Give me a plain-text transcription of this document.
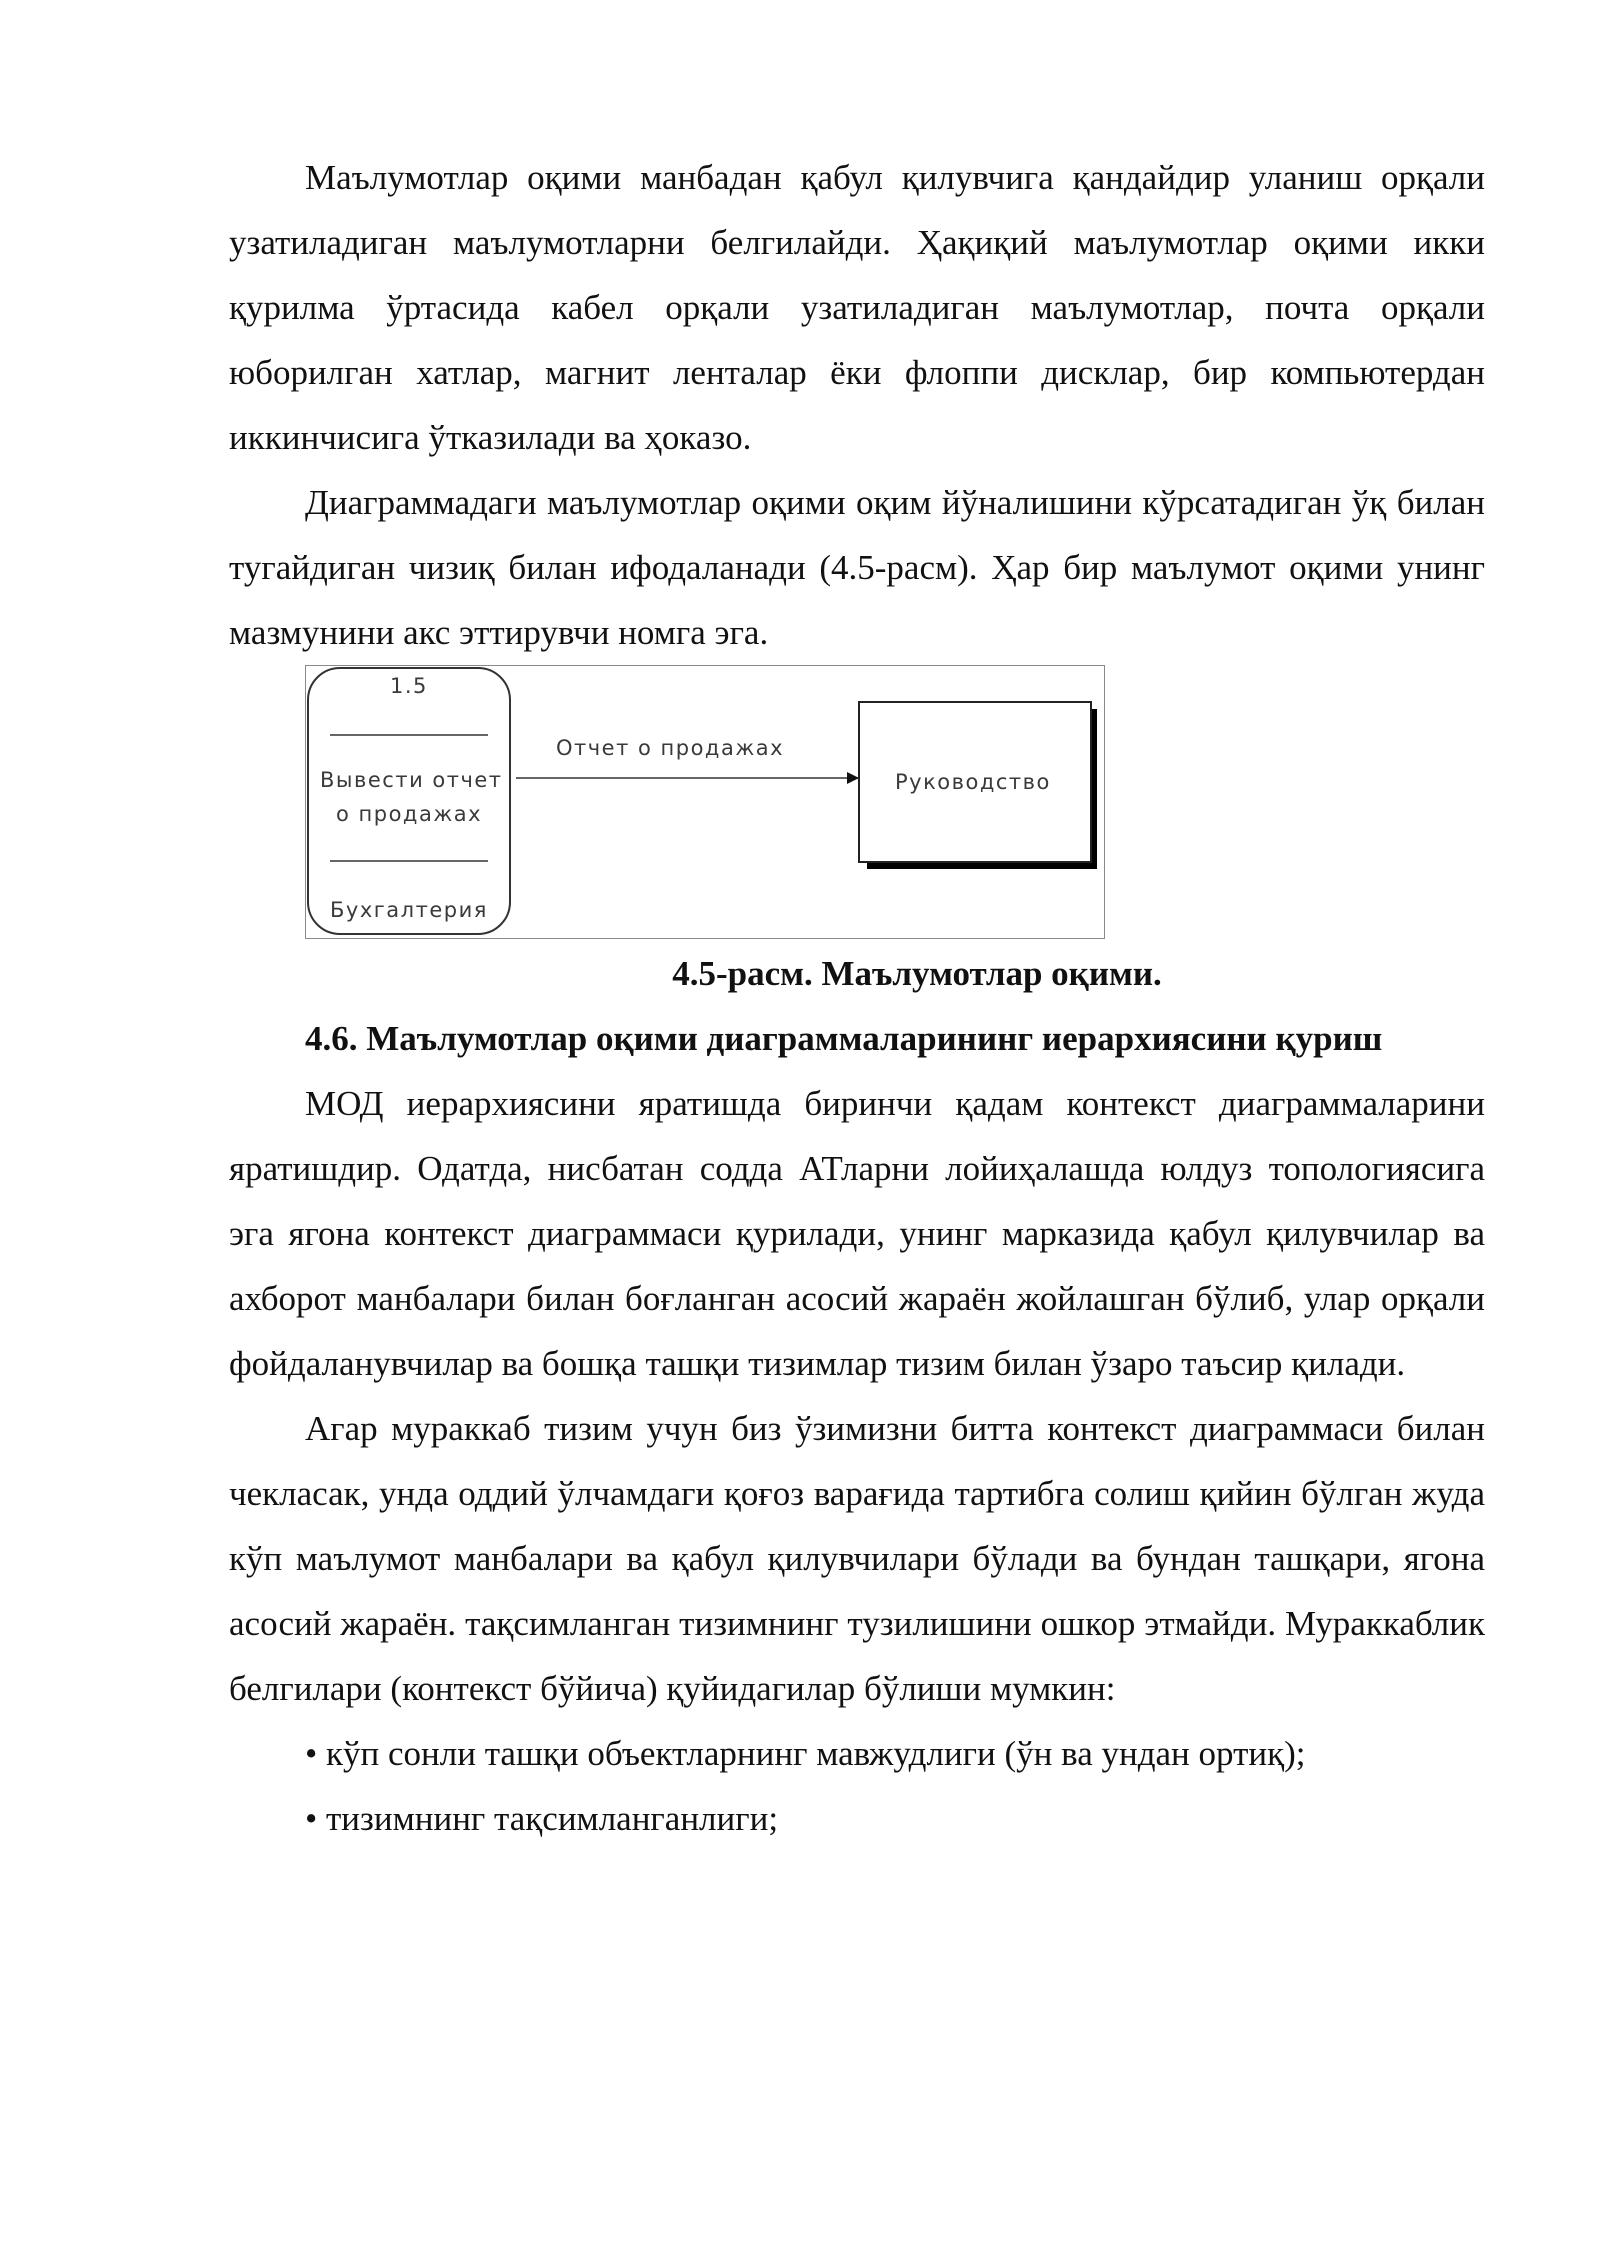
Маълумотлар оқими манбадан қабул қилувчига қандайдир уланиш орқали узатиладиган маълумотларни белгилайди. Ҳақиқий маълумотлар оқими икки қурилма ўртасида кабел орқали узатиладиган маълумотлар, почта орқали юборилган хатлар, магнит ленталар ёки флоппи дисклар, бир компьютердан иккинчисига ўтказилади ва ҳоказо.

Диаграммадаги маълумотлар оқими оқим йўналишини кўрсатадиган ўқ билан тугайдиган чизиқ билан ифодаланади (4.5-расм). Ҳар бир маълумот оқими унинг мазмунини акс эттирувчи номга эга.

1.5
Вывести отчет
о продажах
Бухгалтерия
Отчет о продажах
Руководство

4.5-расм. Маълумотлар оқими.

4.6. Маълумотлар оқими диаграммаларининг иерархиясини қуриш

МОД иерархиясини яратишда биринчи қадам контекст диаграммаларини яратишдир. Одатда, нисбатан содда АТларни лойиҳалашда юлдуз топологиясига эга ягона контекст диаграммаси қурилади, унинг марказида қабул қилувчилар ва ахборот манбалари билан боғланган асосий жараён жойлашган бўлиб, улар орқали фойдаланувчилар ва бошқа ташқи тизимлар тизим билан ўзаро таъсир қилади.

Агар мураккаб тизим учун биз ўзимизни битта контекст диаграммаси билан чекласак, унда оддий ўлчамдаги қоғоз варағида тартибга солиш қийин бўлган жуда кўп маълумот манбалари ва қабул қилувчилари бўлади ва бундан ташқари, ягона асосий жараён. тақсимланган тизимнинг тузилишини ошкор этмайди. Мураккаблик белгилари (контекст бўйича) қуйидагилар бўлиши мумкин:

• кўп сонли ташқи объектларнинг мавжудлиги (ўн ва ундан ортиқ);

• тизимнинг тақсимланганлиги;
